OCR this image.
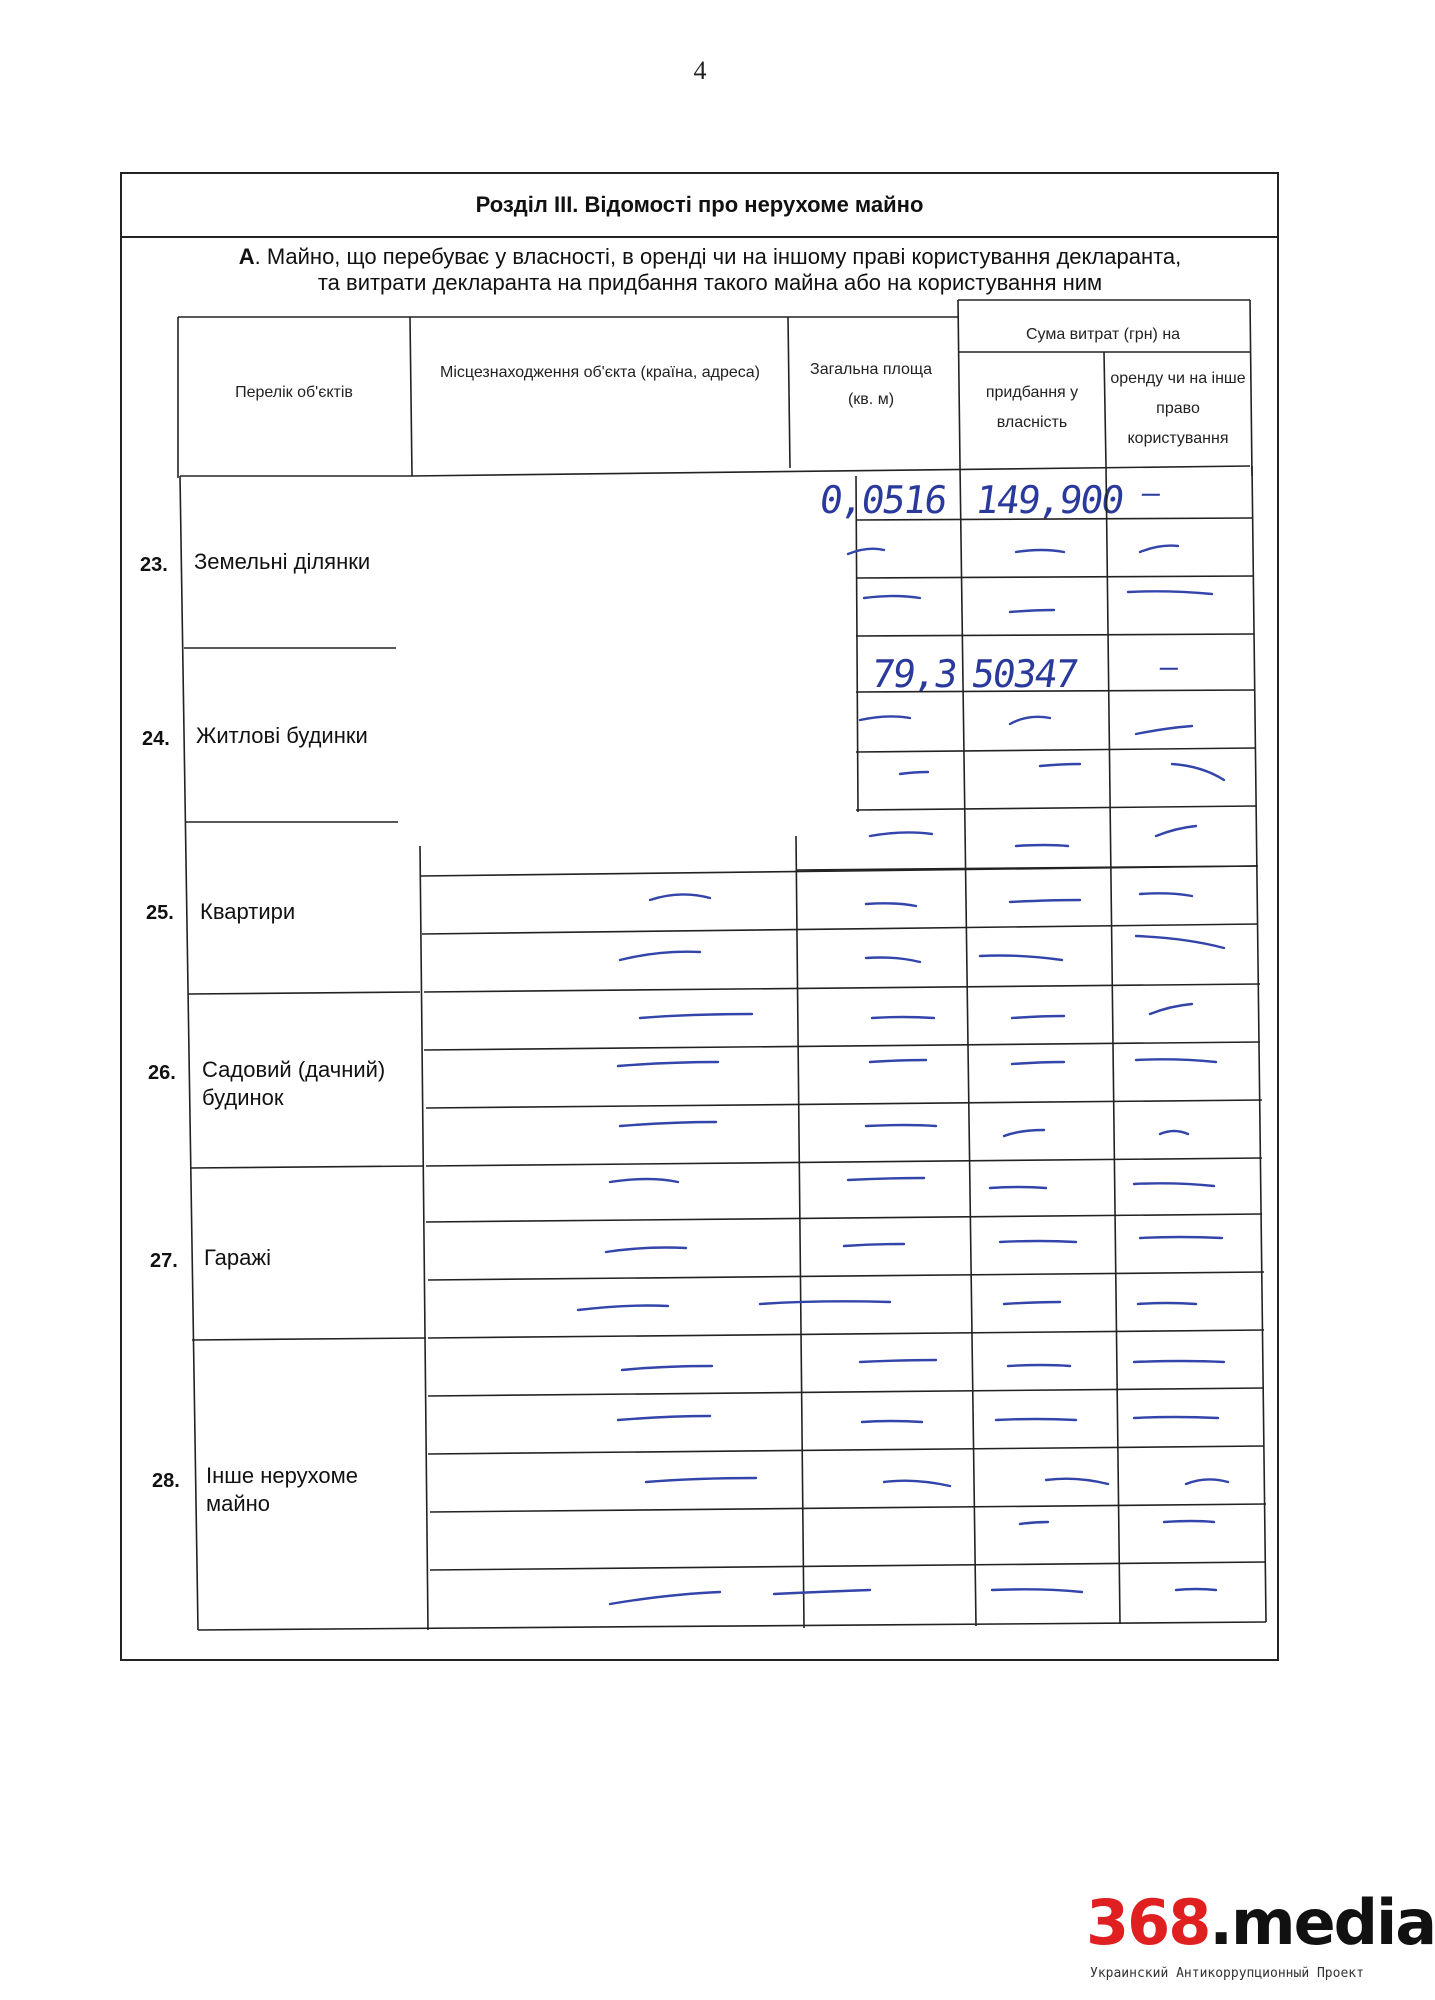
4
Розділ III. Відомості про нерухоме майно
А. Майно, що перебуває у власності, в оренді чи на іншому праві користування декларанта,
та витрати декларанта на придбання такого майна або на користування ним
Перелік об'єктів
Місцезнаходження об'єкта (країна, адреса)	Загальна площа (кв. м)
Сума витрат (грн) на
придбання у власність
оренду чи на інше право користування
23. Земельні ділянки
24. Житлові будинки
25. Квартири
26. Садовий (дачний) будинок
27. Гаражі
28. Інше нерухоме майно
0,0516 149,900
79,3 50347
–
–
368.media
Украинский Антикоррупционный Проект
